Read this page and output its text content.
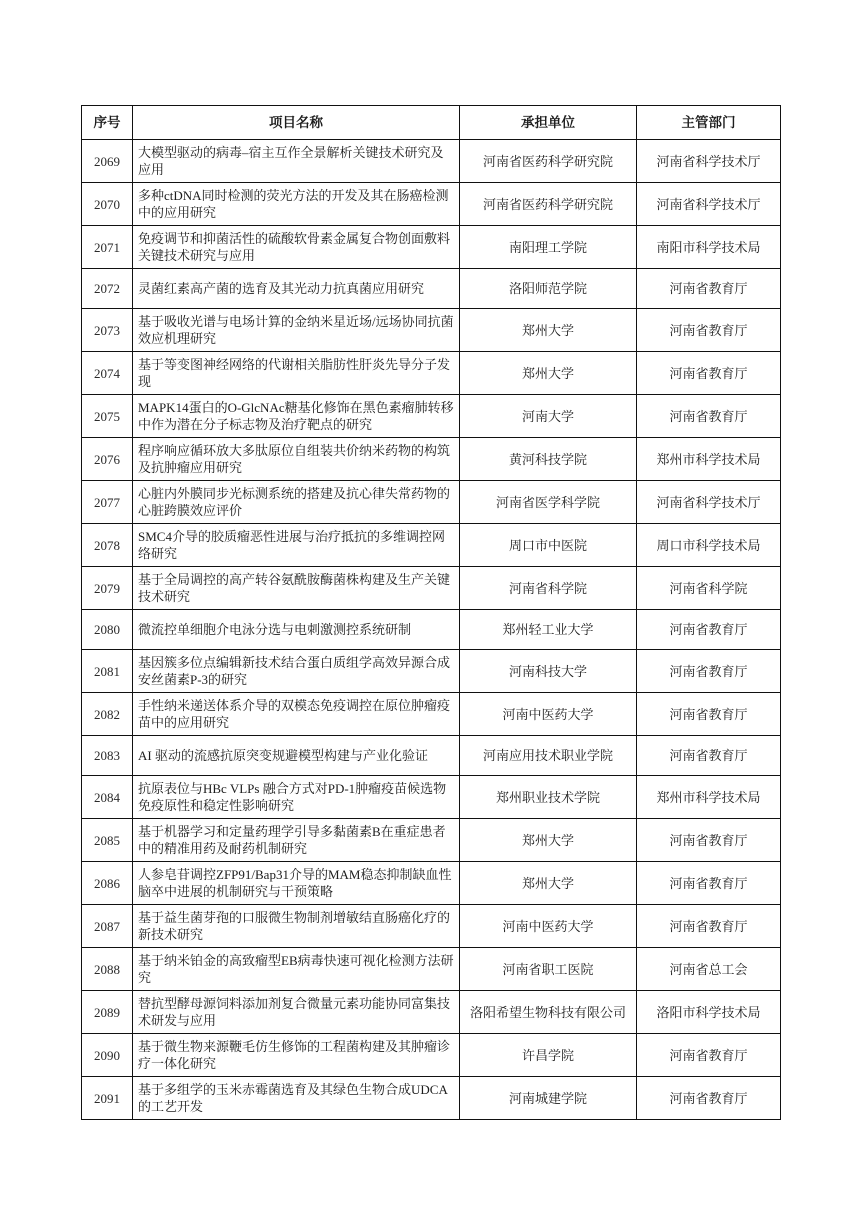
序号	项目名称	承担单位	主管部门
2069	大模型驱动的病毒–宿主互作全景解析关键技术研究及应用	河南省医药科学研究院	河南省科学技术厅
2070	多种ctDNA同时检测的荧光方法的开发及其在肠癌检测中的应用研究	河南省医药科学研究院	河南省科学技术厅
2071	免疫调节和抑菌活性的硫酸软骨素金属复合物创面敷料关键技术研究与应用	南阳理工学院	南阳市科学技术局
2072	灵菌红素高产菌的选育及其光动力抗真菌应用研究	洛阳师范学院	河南省教育厅
2073	基于吸收光谱与电场计算的金纳米星近场/远场协同抗菌效应机理研究	郑州大学	河南省教育厅
2074	基于等变图神经网络的代谢相关脂肪性肝炎先导分子发现	郑州大学	河南省教育厅
2075	MAPK14蛋白的O-GlcNAc糖基化修饰在黑色素瘤肺转移中作为潜在分子标志物及治疗靶点的研究	河南大学	河南省教育厅
2076	程序响应循环放大多肽原位自组装共价纳米药物的构筑及抗肿瘤应用研究	黄河科技学院	郑州市科学技术局
2077	心脏内外膜同步光标测系统的搭建及抗心律失常药物的心脏跨膜效应评价	河南省医学科学院	河南省科学技术厅
2078	SMC4介导的胶质瘤恶性进展与治疗抵抗的多维调控网络研究	周口市中医院	周口市科学技术局
2079	基于全局调控的高产转谷氨酰胺酶菌株构建及生产关键技术研究	河南省科学院	河南省科学院
2080	微流控单细胞介电泳分选与电刺激测控系统研制	郑州轻工业大学	河南省教育厅
2081	基因簇多位点编辑新技术结合蛋白质组学高效异源合成安丝菌素P-3的研究	河南科技大学	河南省教育厅
2082	手性纳米递送体系介导的双模态免疫调控在原位肿瘤疫苗中的应用研究	河南中医药大学	河南省教育厅
2083	AI 驱动的流感抗原突变规避模型构建与产业化验证	河南应用技术职业学院	河南省教育厅
2084	抗原表位与HBc VLPs 融合方式对PD-1肿瘤疫苗候选物免疫原性和稳定性影响研究	郑州职业技术学院	郑州市科学技术局
2085	基于机器学习和定量药理学引导多黏菌素B在重症患者中的精准用药及耐药机制研究	郑州大学	河南省教育厅
2086	人参皂苷调控ZFP91/Bap31介导的MAM稳态抑制缺血性脑卒中进展的机制研究与干预策略	郑州大学	河南省教育厅
2087	基于益生菌芽孢的口服微生物制剂增敏结直肠癌化疗的新技术研究	河南中医药大学	河南省教育厅
2088	基于纳米铂金的高致瘤型EB病毒快速可视化检测方法研究	河南省职工医院	河南省总工会
2089	替抗型酵母源饲料添加剂复合微量元素功能协同富集技术研发与应用	洛阳希望生物科技有限公司	洛阳市科学技术局
2090	基于微生物来源鞭毛仿生修饰的工程菌构建及其肿瘤诊疗一体化研究	许昌学院	河南省教育厅
2091	基于多组学的玉米赤霉菌选育及其绿色生物合成UDCA的工艺开发	河南城建学院	河南省教育厅
